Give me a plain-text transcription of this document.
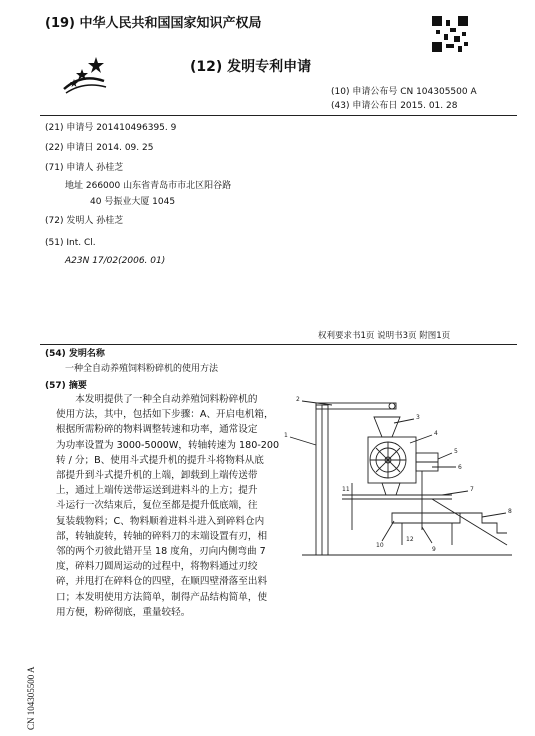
(19) 中华人民共和国国家知识产权局
(12) 发明专利申请
(10) 申请公布号 CN 104305500 A
(43) 申请公布日 2015. 01. 28
(21) 申请号 201410496395. 9
(22) 申请日 2014. 09. 25
(71) 申请人 孙桂芝
地址 266000 山东省青岛市市北区阳谷路
40 号振业大厦 1045
(72) 发明人 孙桂芝
(51) Int. Cl.
A23N 17/02(2006. 01)
权利要求书1页 说明书3页 附图1页
(54) 发明名称
一种全自动养殖饲料粉碎机的使用方法
(57) 摘要

本发明提供了一种全自动养殖饲料粉碎机的

使用方法，其中，包括如下步骤：A、开启电机箱，

根据所需粉碎的物料调整转速和功率，通常设定

为功率设置为 3000-5000W，转轴转速为 180-200

转 / 分；B、使用斗式提升机的提升斗将物料从底

部提升到斗式提升机的上端，卸载到上端传送带

上，通过上端传送带运送到进料斗的上方；提升

斗运行一次结束后，复位至都是提升低底端，往

复装载物料；C、物料顺着进料斗进入到碎料仓内

部，转轴旋转，转轴的碎料刀的末端设置有刃，相

邻的两个刃彼此错开呈 18 度角，刃向内侧弯曲 7

度，碎料刀圆周运动的过程中，将物料通过刃绞

碎，并甩打在碎料仓的四壁，在顺四壁滑落至出料

口；本发明使用方法简单，制得产品结构简单，使

用方便，粉碎彻底，重量较轻。

1
2
3
4
5
6
7
8
9
10
11
12
CN 104305500 A
